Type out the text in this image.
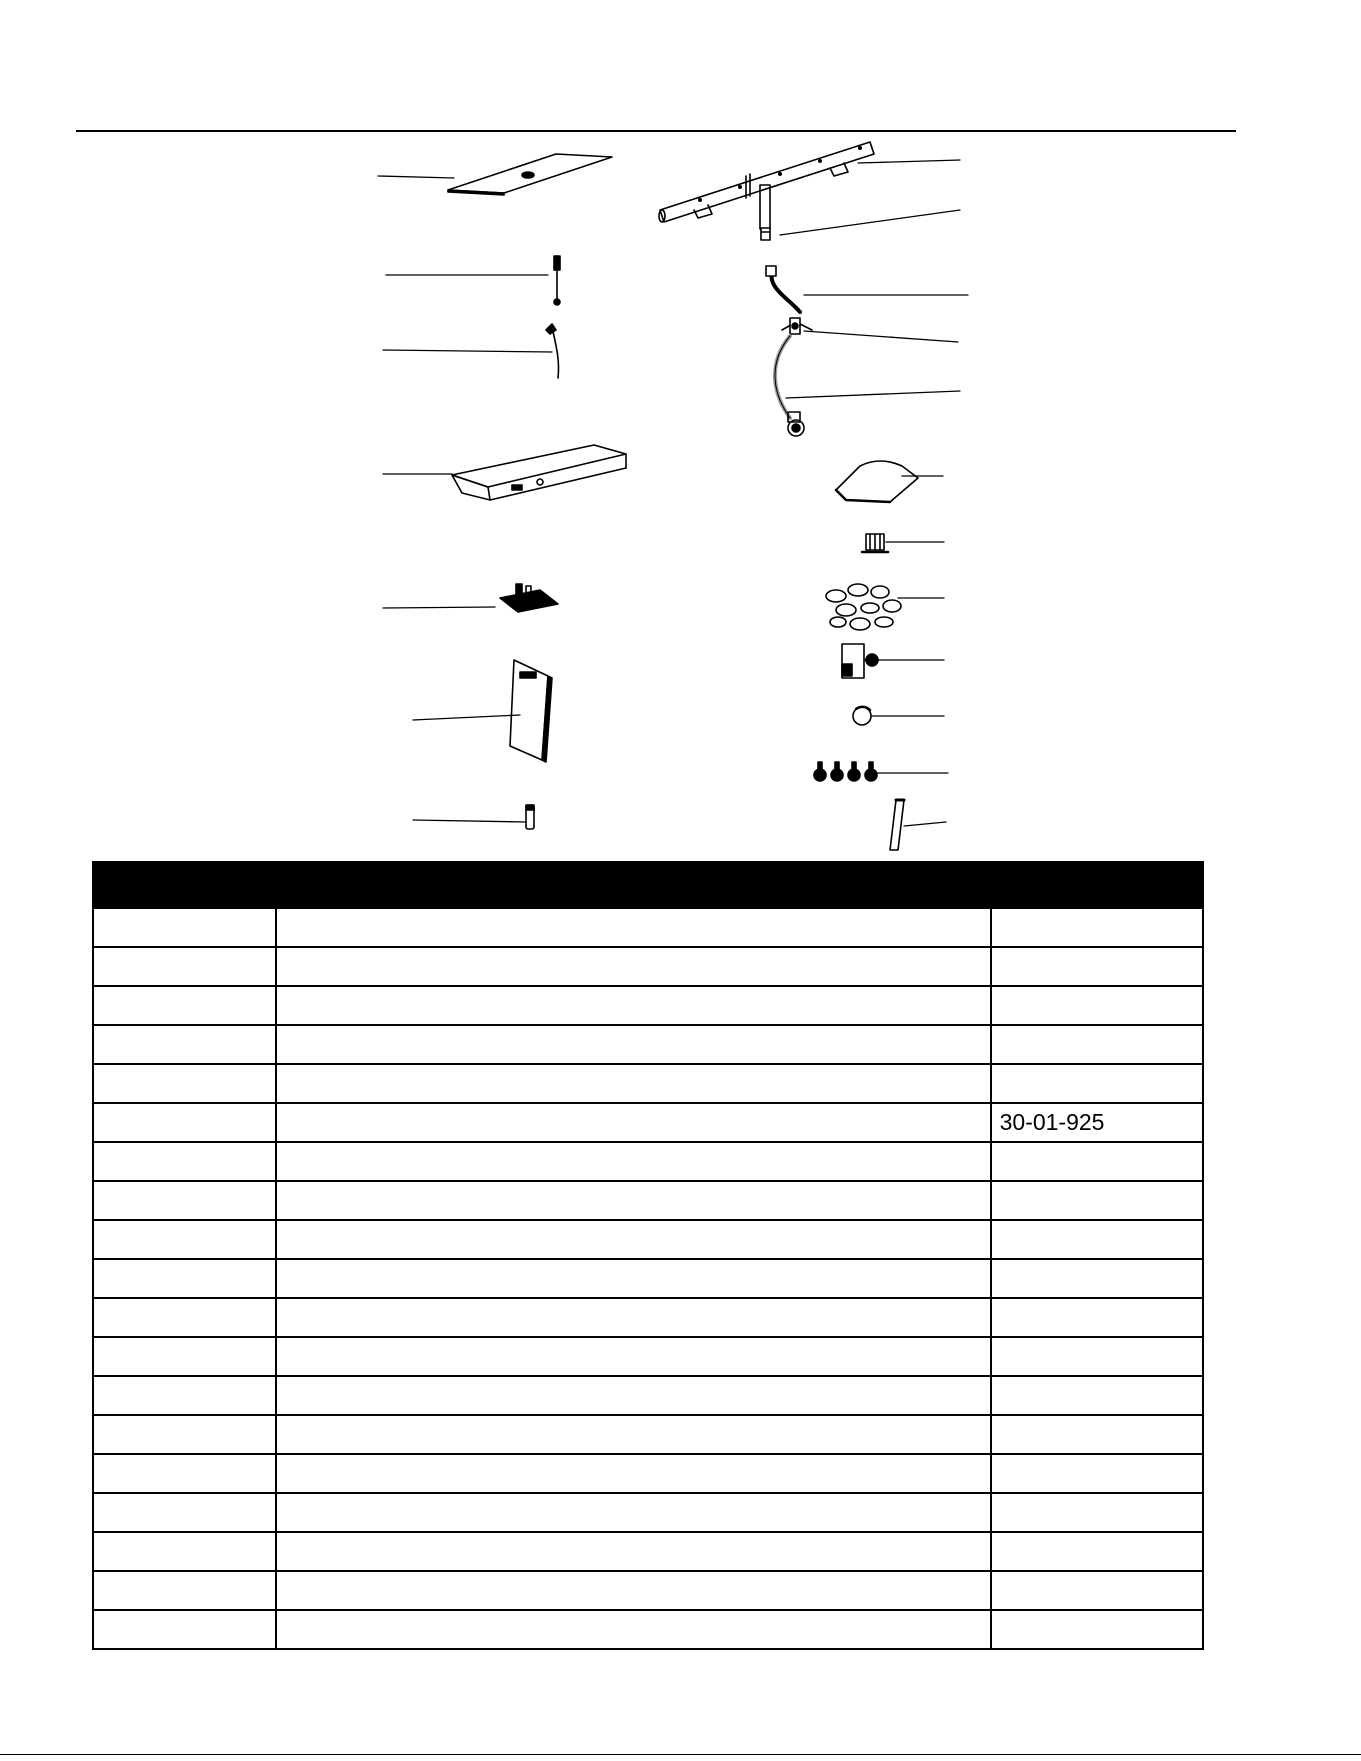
		30-01-925
